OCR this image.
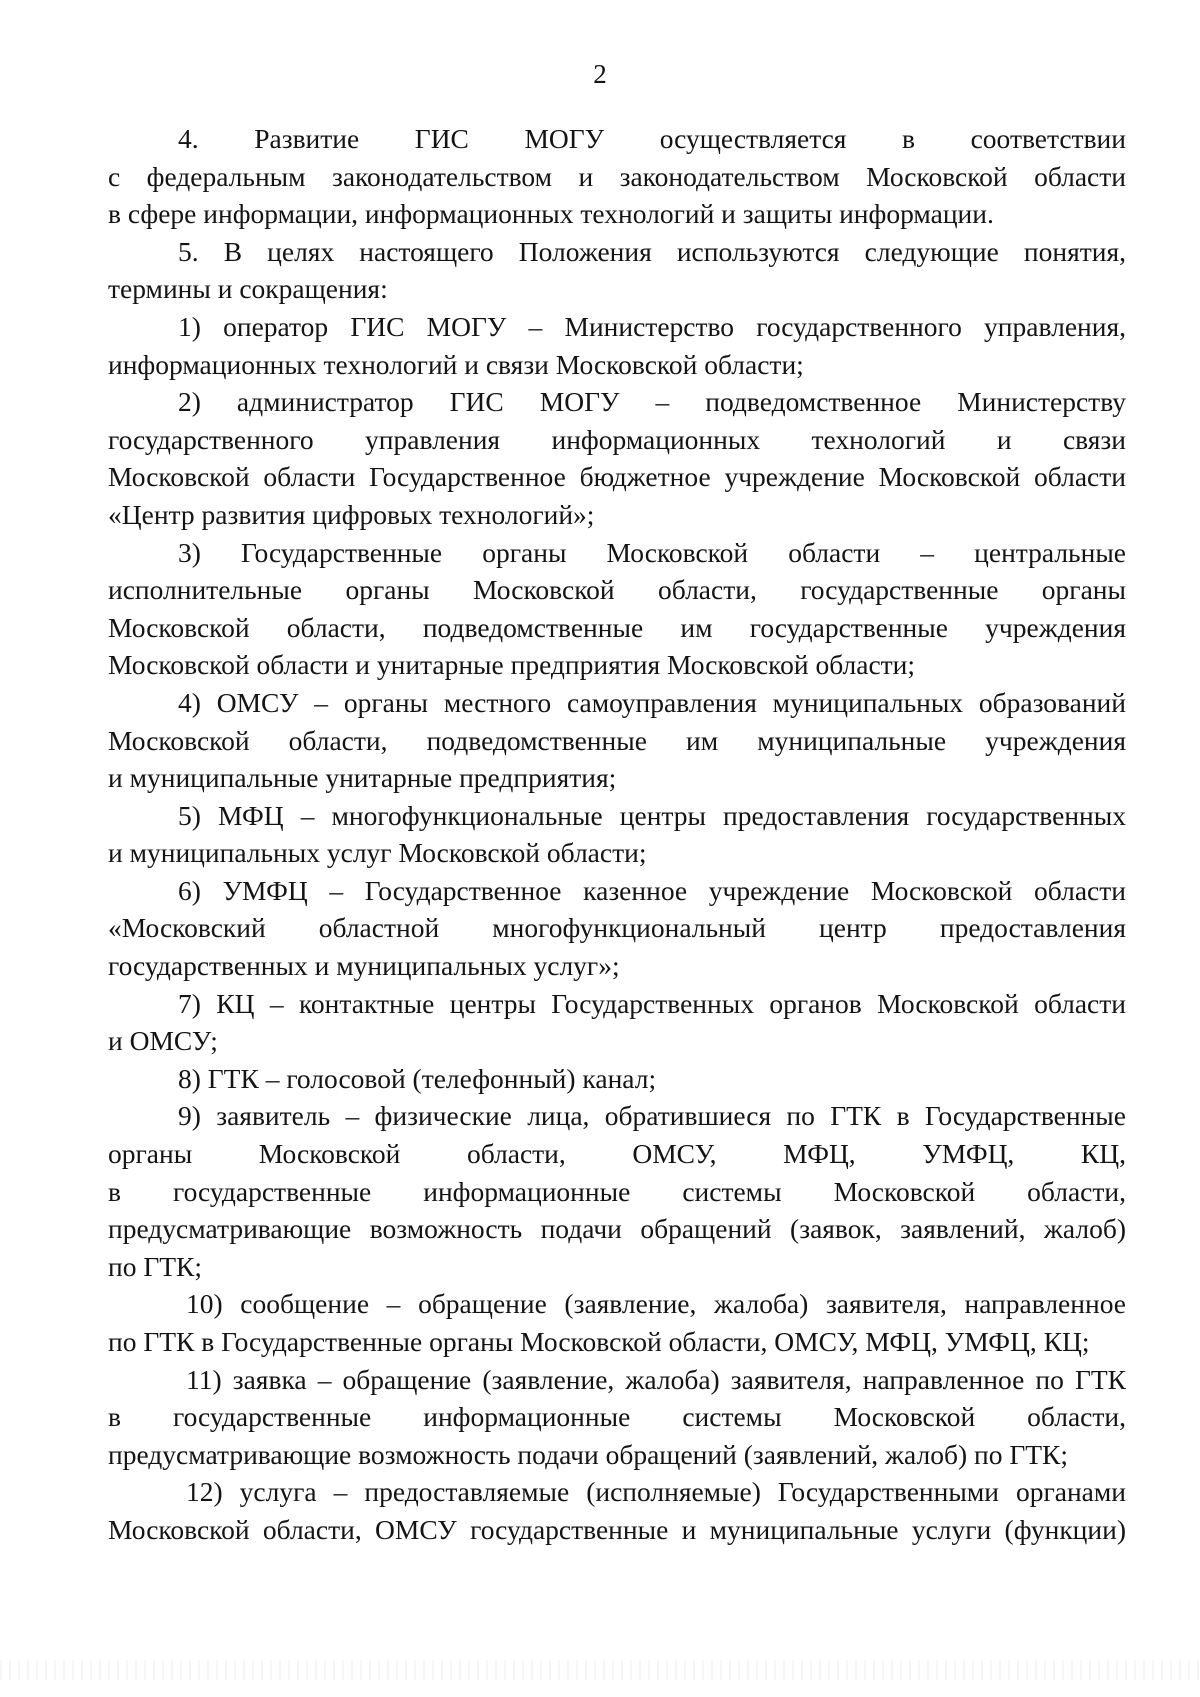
2
4. Развитие ГИС МОГУ осуществляется в соответствии
с федеральным законодательством и законодательством Московской области
в сфере информации, информационных технологий и защиты информации.
5. В целях настоящего Положения используются следующие понятия,
термины и сокращения:
1) оператор ГИС МОГУ – Министерство государственного управления,
информационных технологий и связи Московской области;
2) администратор ГИС МОГУ – подведомственное Министерству
государственного управления информационных технологий и связи
Московской области Государственное бюджетное учреждение Московской области
«Центр развития цифровых технологий»;
3) Государственные органы Московской области – центральные
исполнительные органы Московской области, государственные органы
Московской области, подведомственные им государственные учреждения
Московской области и унитарные предприятия Московской области;
4) ОМСУ – органы местного самоуправления муниципальных образований
Московской области, подведомственные им муниципальные учреждения
и муниципальные унитарные предприятия;
5) МФЦ – многофункциональные центры предоставления государственных
и муниципальных услуг Московской области;
6) УМФЦ – Государственное казенное учреждение Московской области
«Московский областной многофункциональный центр предоставления
государственных и муниципальных услуг»;
7) КЦ – контактные центры Государственных органов Московской области
и ОМСУ;
8) ГТК – голосовой (телефонный) канал;
9) заявитель – физические лица, обратившиеся по ГТК в Государственные
органы Московской области, ОМСУ, МФЦ, УМФЦ, КЦ,
в государственные информационные системы Московской области,
предусматривающие возможность подачи обращений (заявок, заявлений, жалоб)
по ГТК;
10) сообщение – обращение (заявление, жалоба) заявителя, направленное
по ГТК в Государственные органы Московской области, ОМСУ, МФЦ, УМФЦ, КЦ;
11) заявка – обращение (заявление, жалоба) заявителя, направленное по ГТК
в государственные информационные системы Московской области,
предусматривающие возможность подачи обращений (заявлений, жалоб) по ГТК;
12) услуга – предоставляемые (исполняемые) Государственными органами
Московской области, ОМСУ государственные и муниципальные услуги (функции)
